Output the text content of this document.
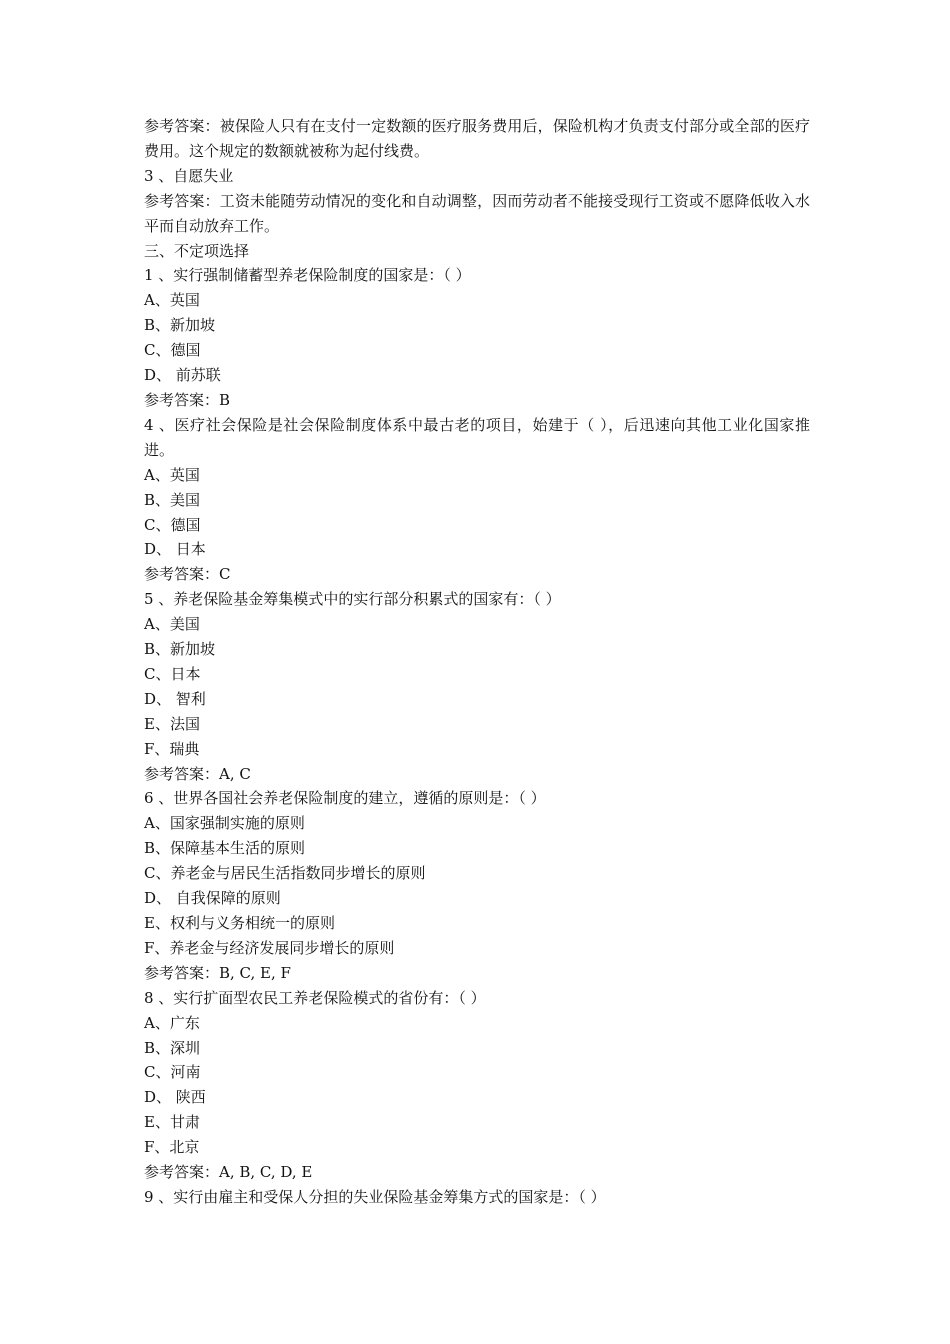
参考答案：被保险人只有在支付一定数额的医疗服务费用后，保险机构才负责支付部分或全部的医疗费用。这个规定的数额就被称为起付线费。
3 、自愿失业
参考答案：工资未能随劳动情况的变化和自动调整，因而劳动者不能接受现行工资或不愿降低收入水平而自动放弃工作。
三、不定项选择
1 、实行强制储蓄型养老保险制度的国家是：（ ）
A、英国
B、新加坡
C、德国
D、 前苏联
参考答案：B
4 、医疗社会保险是社会保险制度体系中最古老的项目，始建于（ ），后迅速向其他工业化国家推进。
A、英国
B、美国
C、德国
D、 日本
参考答案：C
5 、养老保险基金筹集模式中的实行部分积累式的国家有：（ ）
A、美国
B、新加坡
C、日本
D、 智利
E、法国
F、瑞典
参考答案：A, C
6 、世界各国社会养老保险制度的建立，遵循的原则是：（ ）
A、国家强制实施的原则
B、保障基本生活的原则
C、养老金与居民生活指数同步增长的原则
D、 自我保障的原则
E、权利与义务相统一的原则
F、养老金与经济发展同步增长的原则
参考答案：B, C, E, F
8 、实行扩面型农民工养老保险模式的省份有：（ ）
A、广东
B、深圳
C、河南
D、 陕西
E、甘肃
F、北京
参考答案：A, B, C, D, E
9 、实行由雇主和受保人分担的失业保险基金筹集方式的国家是：（ ）
